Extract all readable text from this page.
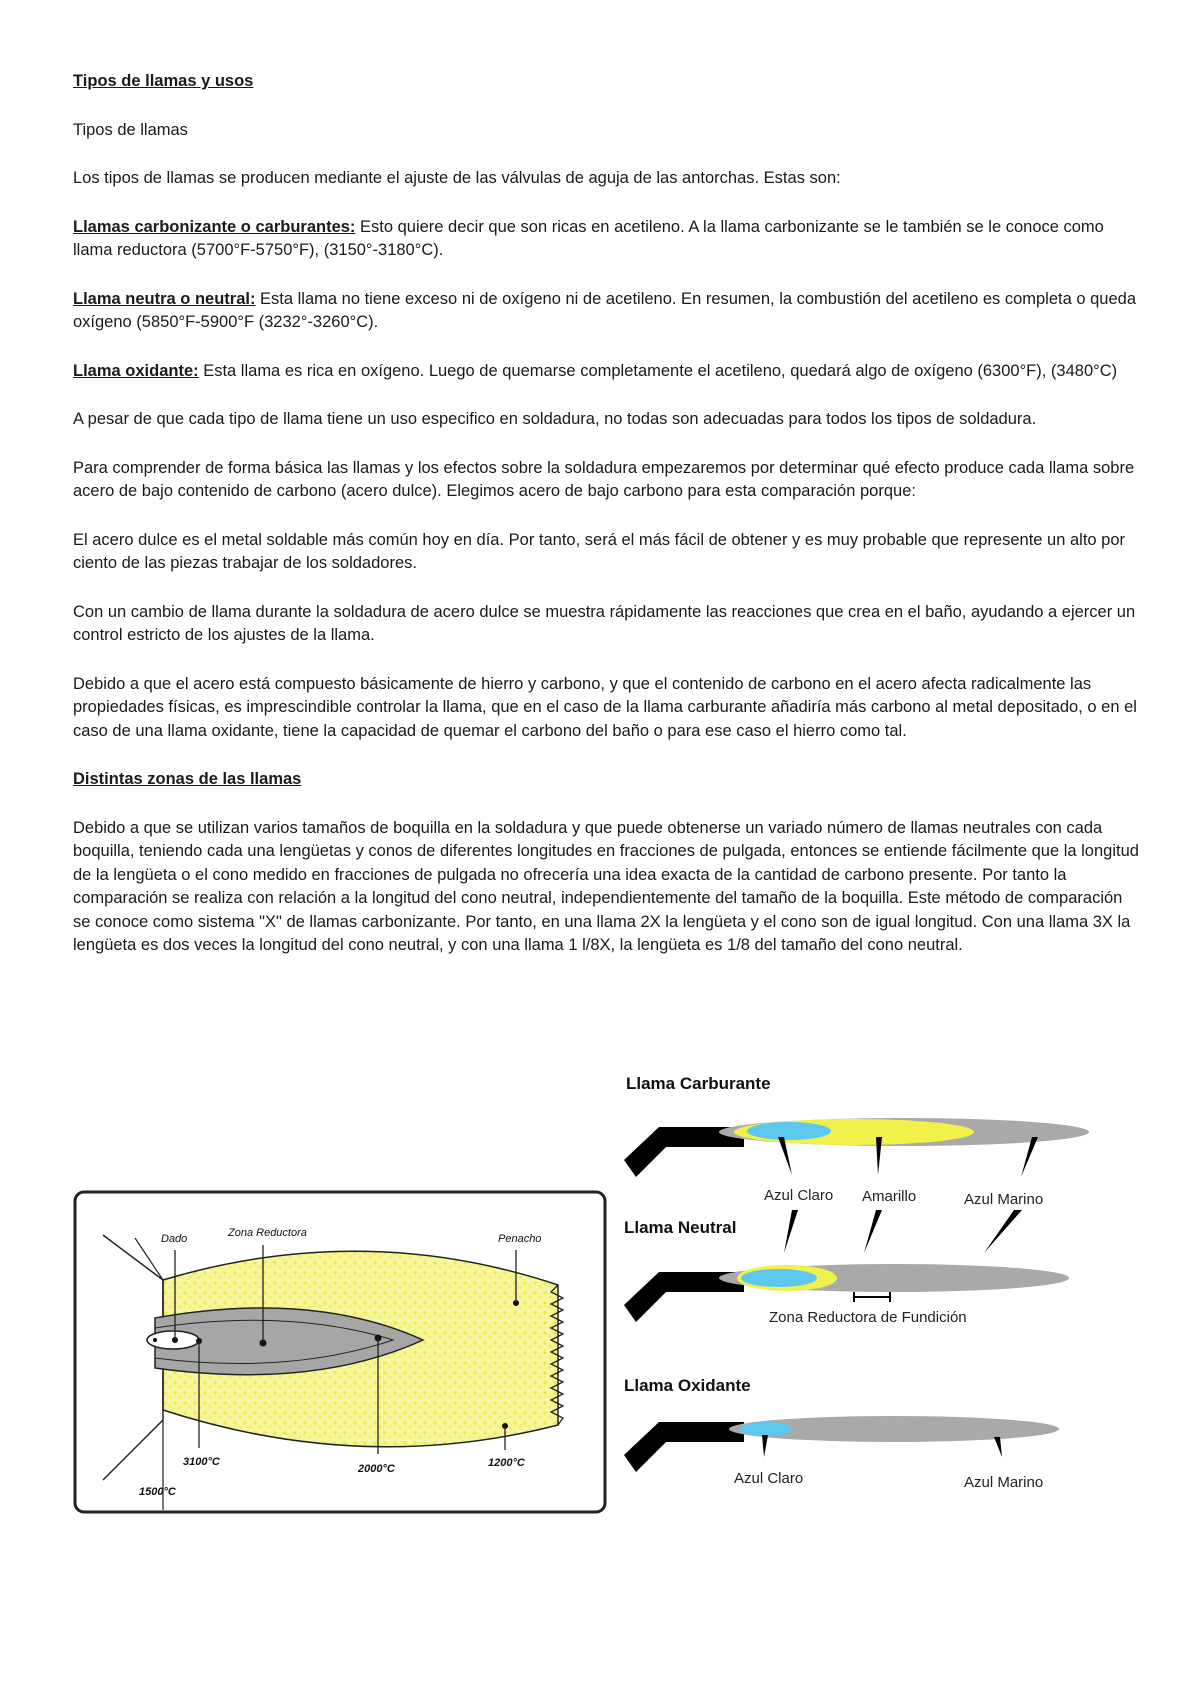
Tipos de llamas y usos

Tipos de llamas

Los tipos de llamas se producen mediante el ajuste de las válvulas de aguja de las antorchas. Estas son:

Llamas carbonizante o carburantes: Esto quiere decir que son ricas en acetileno. A la llama carbonizante se le también se le conoce como llama reductora (5700°F-5750°F), (3150°-3180°C).

Llama neutra o neutral: Esta llama no tiene exceso ni de oxígeno ni de acetileno. En resumen, la combustión del acetileno es completa o queda oxígeno (5850°F-5900°F (3232°-3260°C).

Llama oxidante: Esta llama es rica en oxígeno. Luego de quemarse completamente el acetileno, quedará algo de oxígeno (6300°F), (3480°C)

A pesar de que cada tipo de llama tiene un uso especifico en soldadura, no todas son adecuadas para todos los tipos de soldadura.

Para comprender de forma básica las llamas y los efectos sobre la soldadura empezaremos por determinar qué efecto produce cada llama sobre acero de bajo contenido de carbono (acero dulce). Elegimos acero de bajo carbono para esta comparación porque:

El acero dulce es el metal soldable más común hoy en día. Por tanto, será el más fácil de obtener y es muy probable que represente un alto por ciento de las piezas trabajar de los soldadores.

Con un cambio de llama durante la soldadura de acero dulce se muestra rápidamente las reacciones que crea en el baño, ayudando a ejercer un control estricto de los ajustes de la llama.

Debido a que el acero está compuesto básicamente de hierro y carbono, y que el contenido de carbono en el acero afecta radicalmente las propiedades físicas, es imprescindible controlar la llama, que en el caso de la llama carburante añadiría más carbono al metal depositado, o en el caso de una llama oxidante, tiene la capacidad de quemar el carbono del baño o para ese caso el hierro como tal.

Distintas zonas de las llamas

Debido a que se utilizan varios tamaños de boquilla en la soldadura y que puede obtenerse un variado número de llamas neutrales con cada boquilla, teniendo cada una lengüetas y conos de diferentes longitudes en fracciones de pulgada, entonces se entiende fácilmente que la longitud de la lengüeta o el cono medido en fracciones de pulgada no ofrecería una idea exacta de la cantidad de carbono presente. Por tanto la comparación se realiza con relación a la longitud del cono neutral, independientemente del tamaño de la boquilla. Este método de comparación se conoce como sistema "X" de llamas carbonizante. Por tanto, en una llama 2X la lengüeta y el cono son de igual longitud. Con una llama 3X la lengüeta es dos veces la longitud del cono neutral, y con una llama 1 l/8X, la lengüeta es 1/8 del tamaño del cono neutral.

Dado	Zona Reductora	Penacho
3100°C
1500°C
2000°C	1200°C
Llama Carburante
Azul Claro Amarillo	Azul Marino
Llama Neutral
Zona Reductora de Fundición
Llama Oxidante
Azul Claro	Azul Marino
